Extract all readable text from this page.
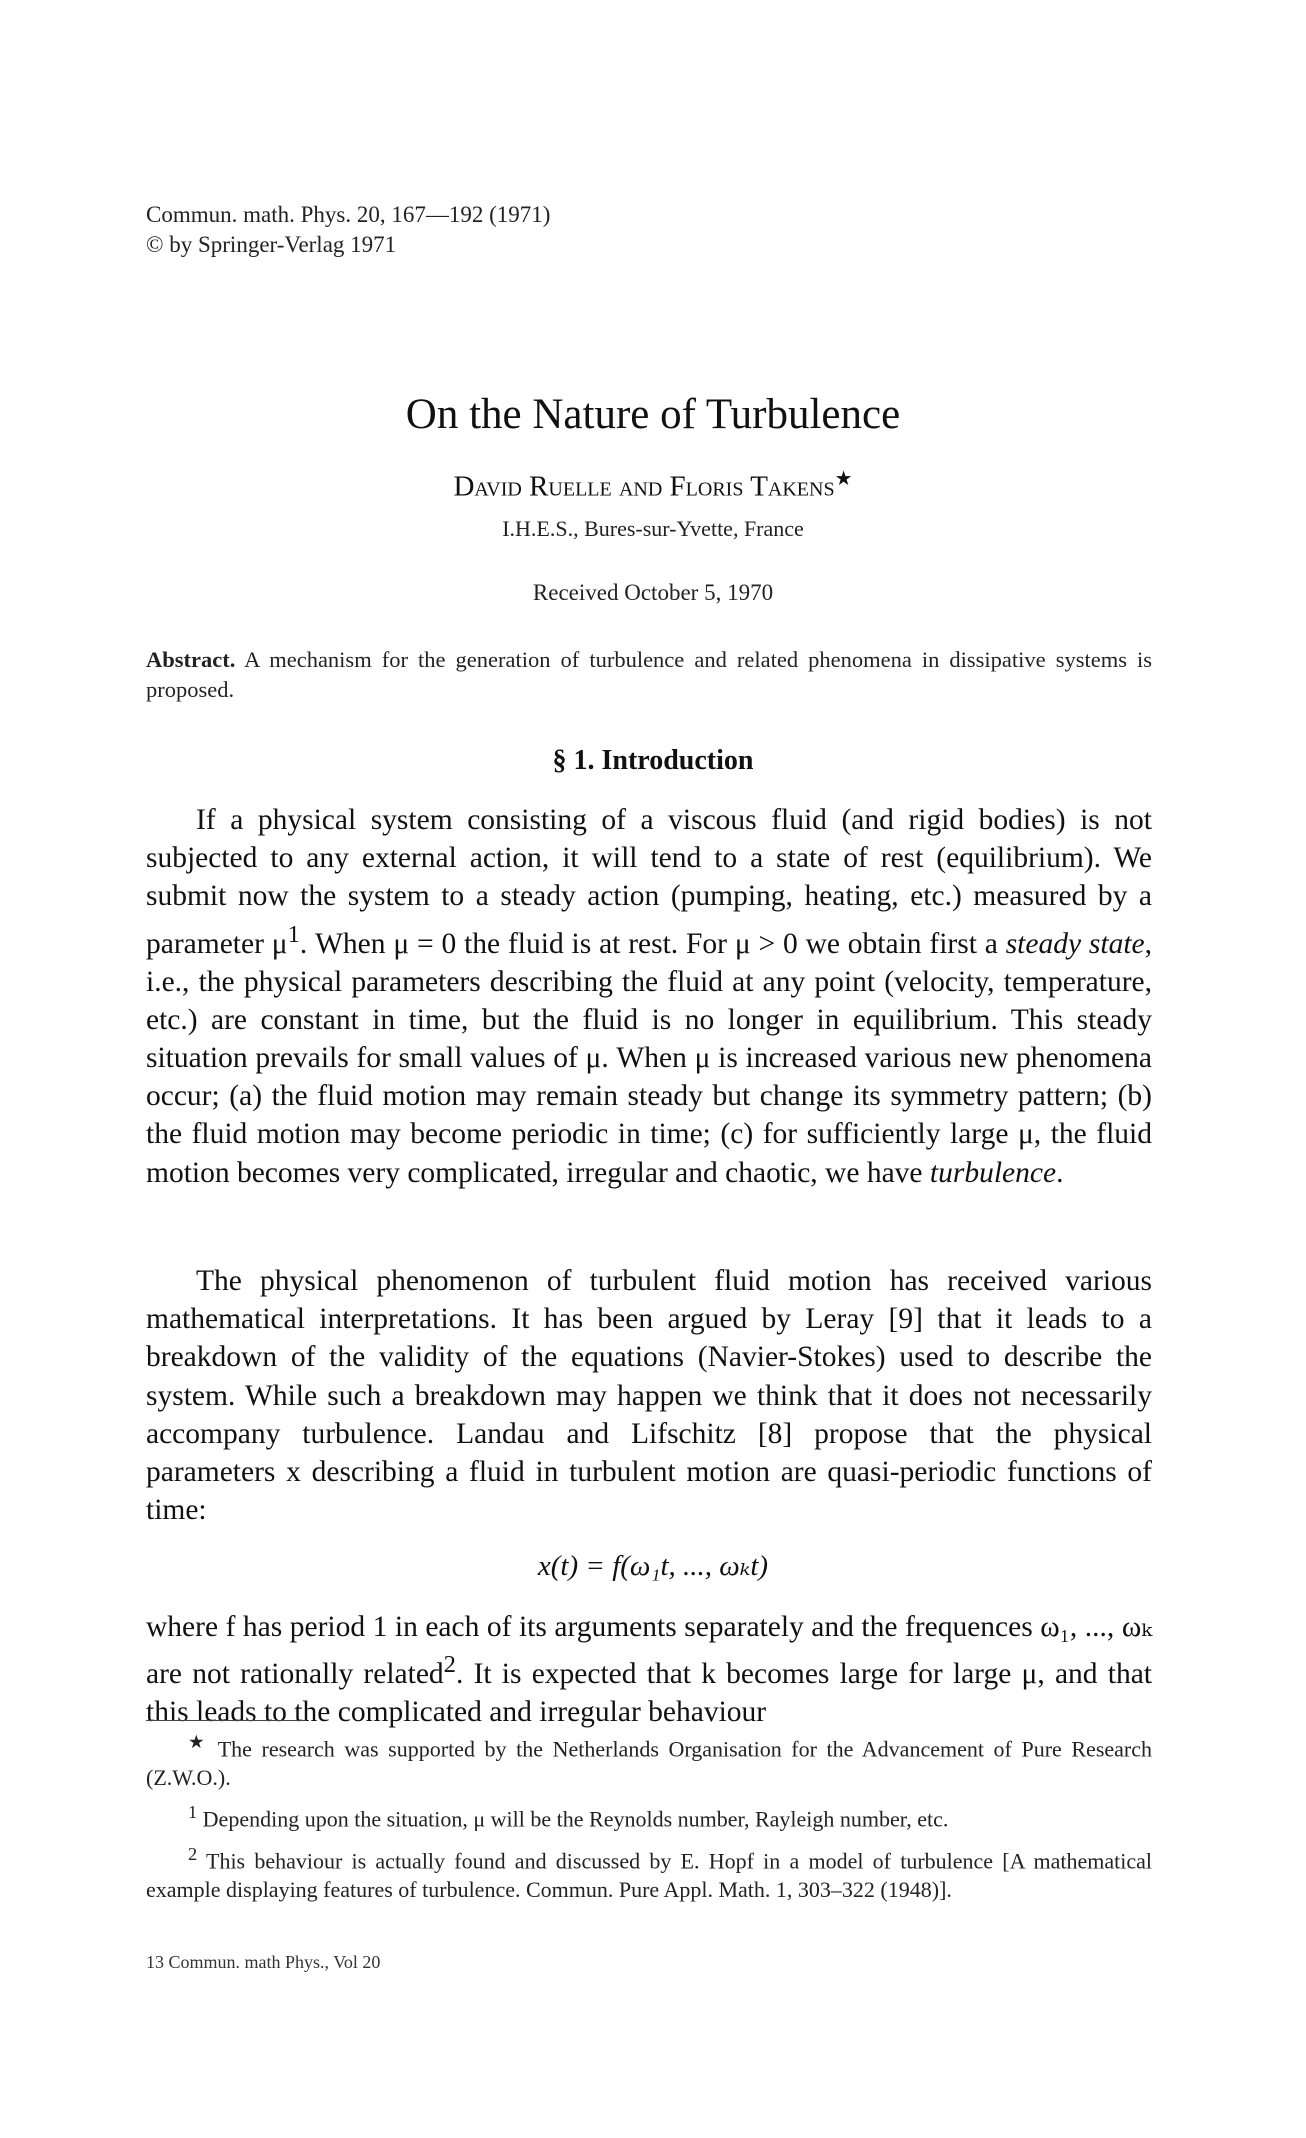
Commun. math. Phys. 20, 167—192 (1971)
© by Springer-Verlag 1971
On the Nature of Turbulence
David Ruelle and Floris Takens★
I.H.E.S., Bures-sur-Yvette, France
Received October 5, 1970
Abstract. A mechanism for the generation of turbulence and related phenomena in dissipative systems is proposed.
§ 1. Introduction
If a physical system consisting of a viscous fluid (and rigid bodies) is not subjected to any external action, it will tend to a state of rest (equilibrium). We submit now the system to a steady action (pumping, heating, etc.) measured by a parameter $\mu^1$. When μ = 0 the fluid is at rest. For μ > 0 we obtain first a steady state, i.e., the physical parameters describing the fluid at any point (velocity, temperature, etc.) are constant in time, but the fluid is no longer in equilibrium. This steady situation prevails for small values of μ. When μ is increased various new phenomena occur; (a) the fluid motion may remain steady but change its symmetry pattern; (b) the fluid motion may become periodic in time; (c) for sufficiently large μ, the fluid motion becomes very complicated, irregular and chaotic, we have turbulence.
The physical phenomenon of turbulent fluid motion has received various mathematical interpretations. It has been argued by Leray [9] that it leads to a breakdown of the validity of the equations (Navier-Stokes) used to describe the system. While such a breakdown may happen we think that it does not necessarily accompany turbulence. Landau and Lifschitz [8] propose that the physical parameters x describing a fluid in turbulent motion are quasi-periodic functions of time:
x(t) = f(ω₁t, ..., ωₖt)
where f has period 1 in each of its arguments separately and the frequences ω₁, ..., ωₖ are not rationally related$^2$. It is expected that k becomes large for large μ, and that this leads to the complicated and irregular behaviour

★ The research was supported by the Netherlands Organisation for the Advancement of Pure Research (Z.W.O.).

$^1$ Depending upon the situation, μ will be the Reynolds number, Rayleigh number, etc.

$^2$ This behaviour is actually found and discussed by E. Hopf in a model of turbulence [A mathematical example displaying features of turbulence. Commun. Pure Appl. Math. 1, 303–322 (1948)].

13 Commun. math Phys., Vol 20
